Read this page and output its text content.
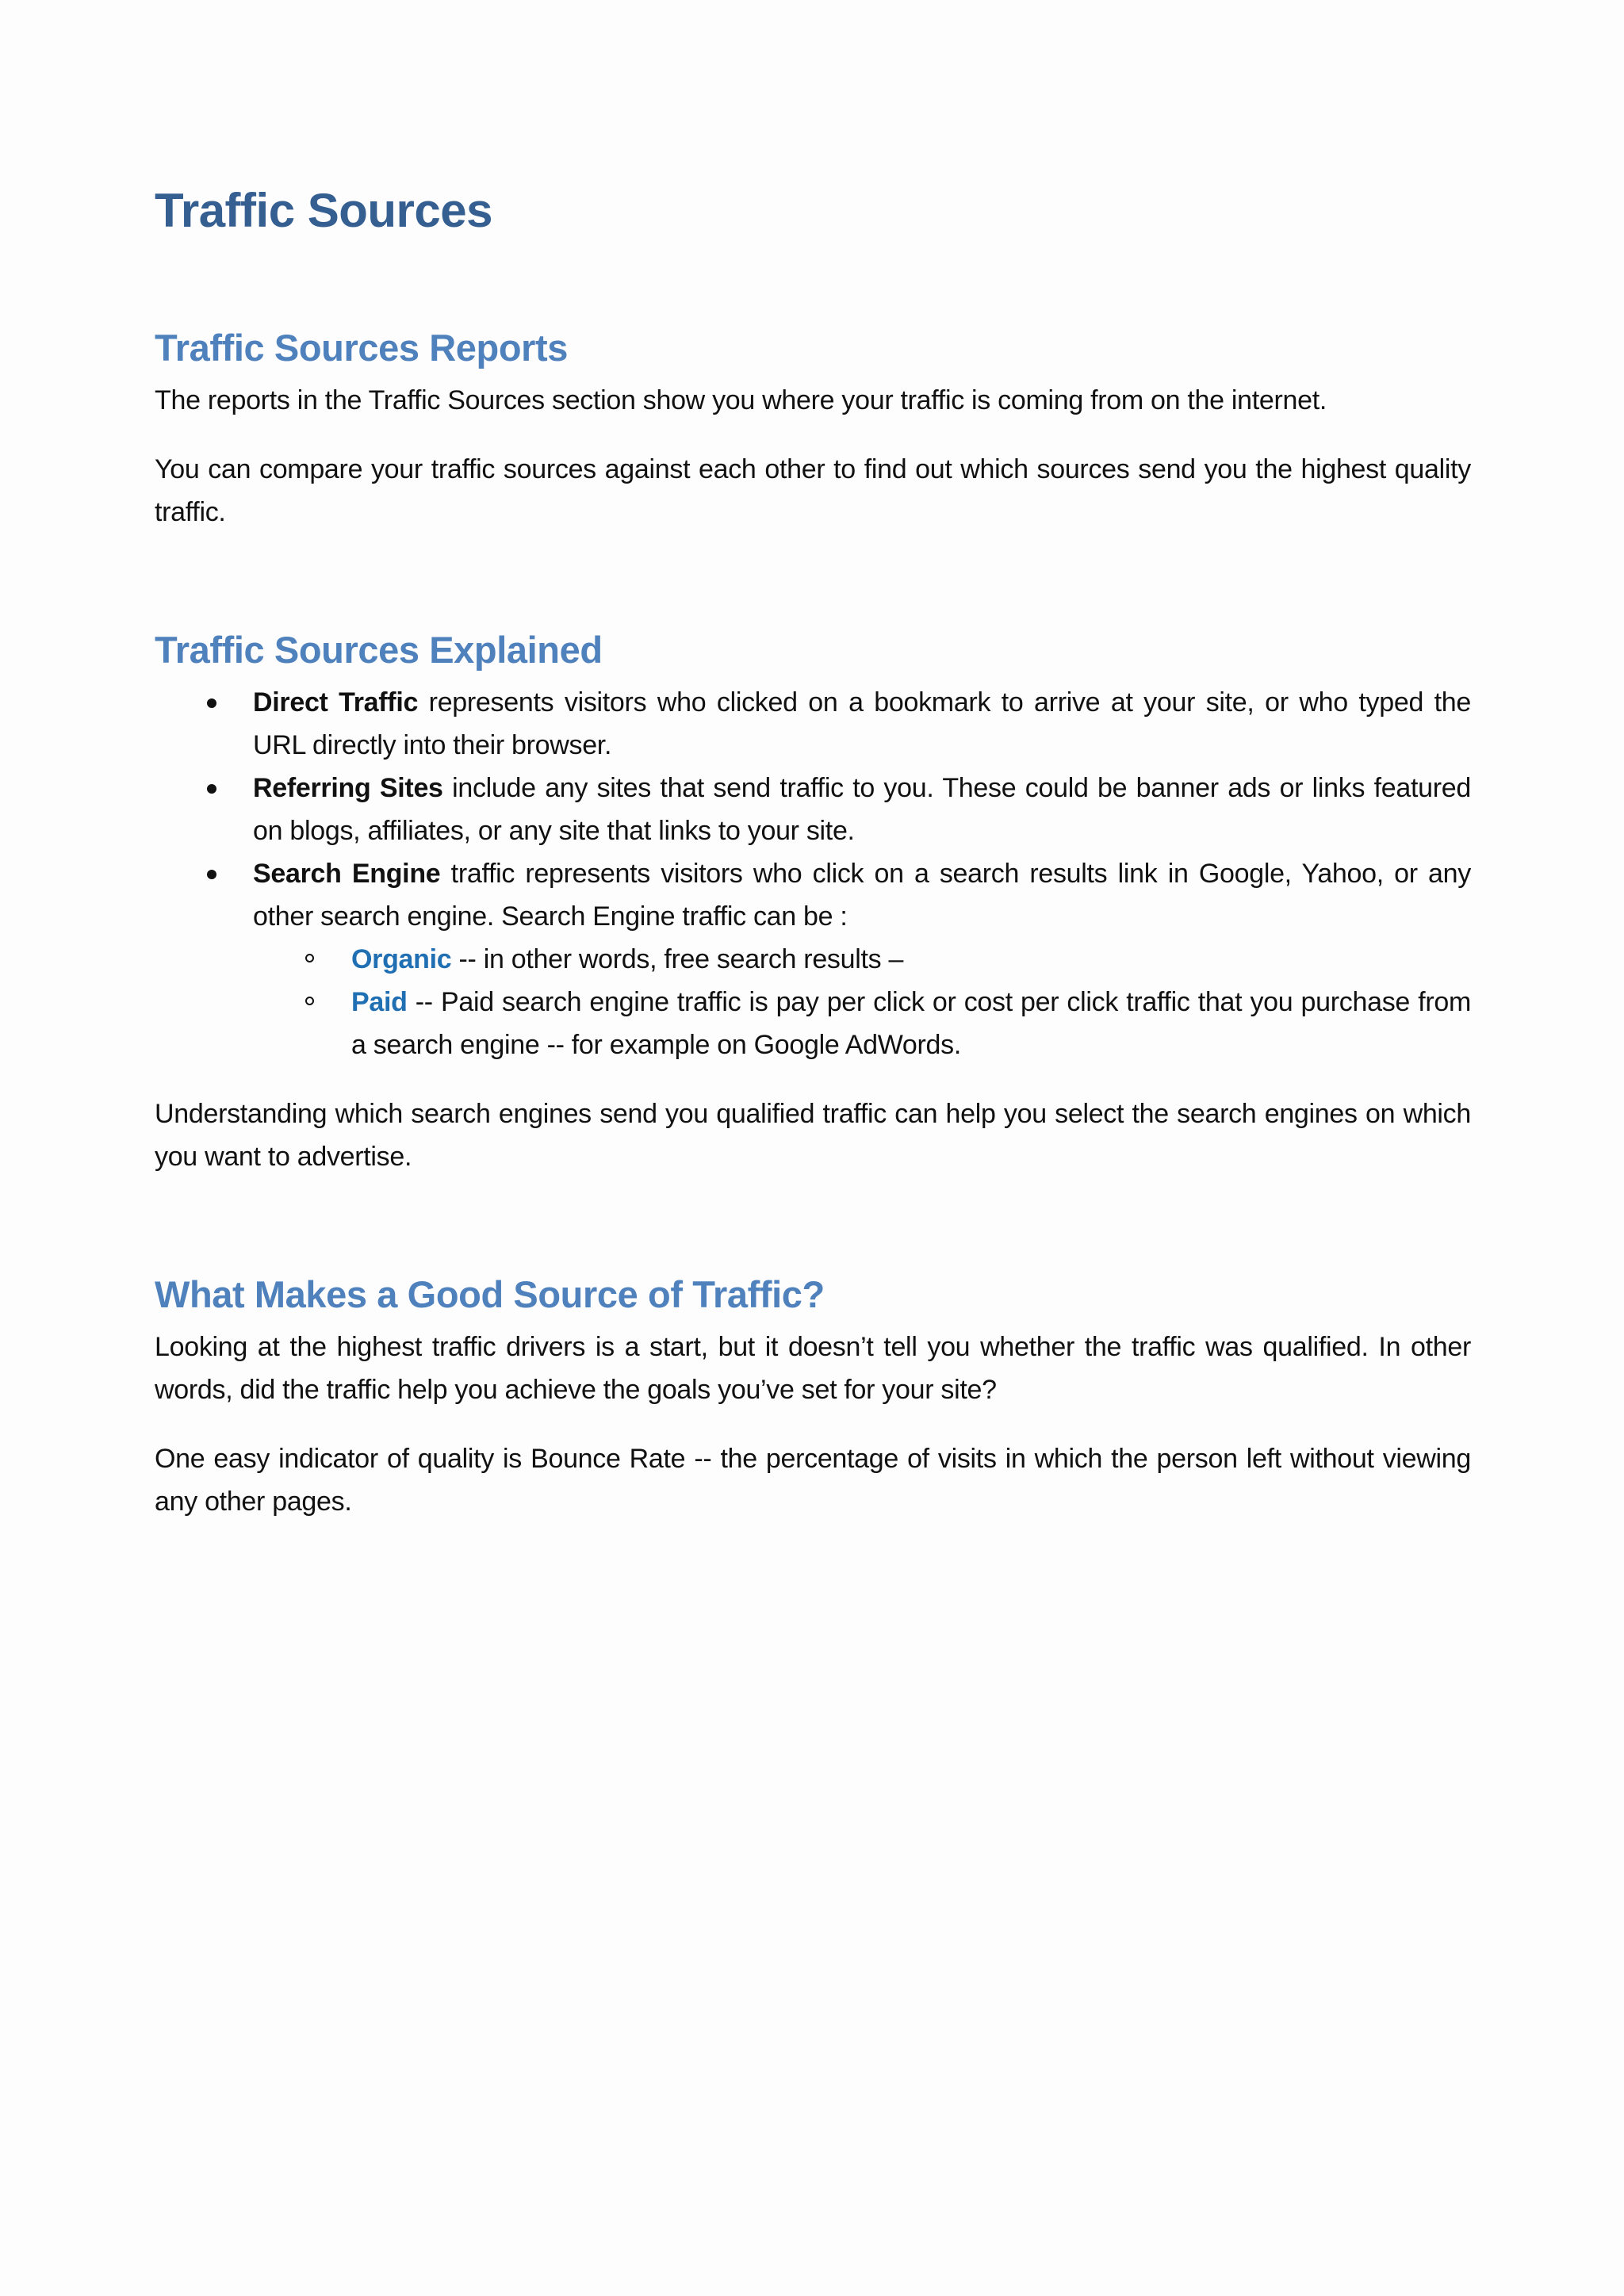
Traffic Sources
Traffic Sources Reports

The reports in the Traffic Sources section show you where your traffic is coming from on the internet.

You can compare your traffic sources against each other to find out which sources send you the highest quality traffic.

Traffic Sources Explained
Direct Traffic represents visitors who clicked on a bookmark to arrive at your site, or who typed the URL directly into their browser.
Referring Sites include any sites that send traffic to you. These could be banner ads or links featured on blogs, affiliates, or any site that links to your site.
Search Engine traffic represents visitors who click on a search results link in Google, Yahoo, or any other search engine. Search Engine traffic can be :
Organic -- in other words, free search results –
Paid -- Paid search engine traffic is pay per click or cost per click traffic that you purchase from a search engine -- for example on Google AdWords.

Understanding which search engines send you qualified traffic can help you select the search engines on which you want to advertise.

What Makes a Good Source of Traffic?

Looking at the highest traffic drivers is a start, but it doesn’t tell you whether the traffic was qualified. In other words, did the traffic help you achieve the goals you’ve set for your site?

One easy indicator of quality is Bounce Rate -- the percentage of visits in which the person left without viewing any other pages.
